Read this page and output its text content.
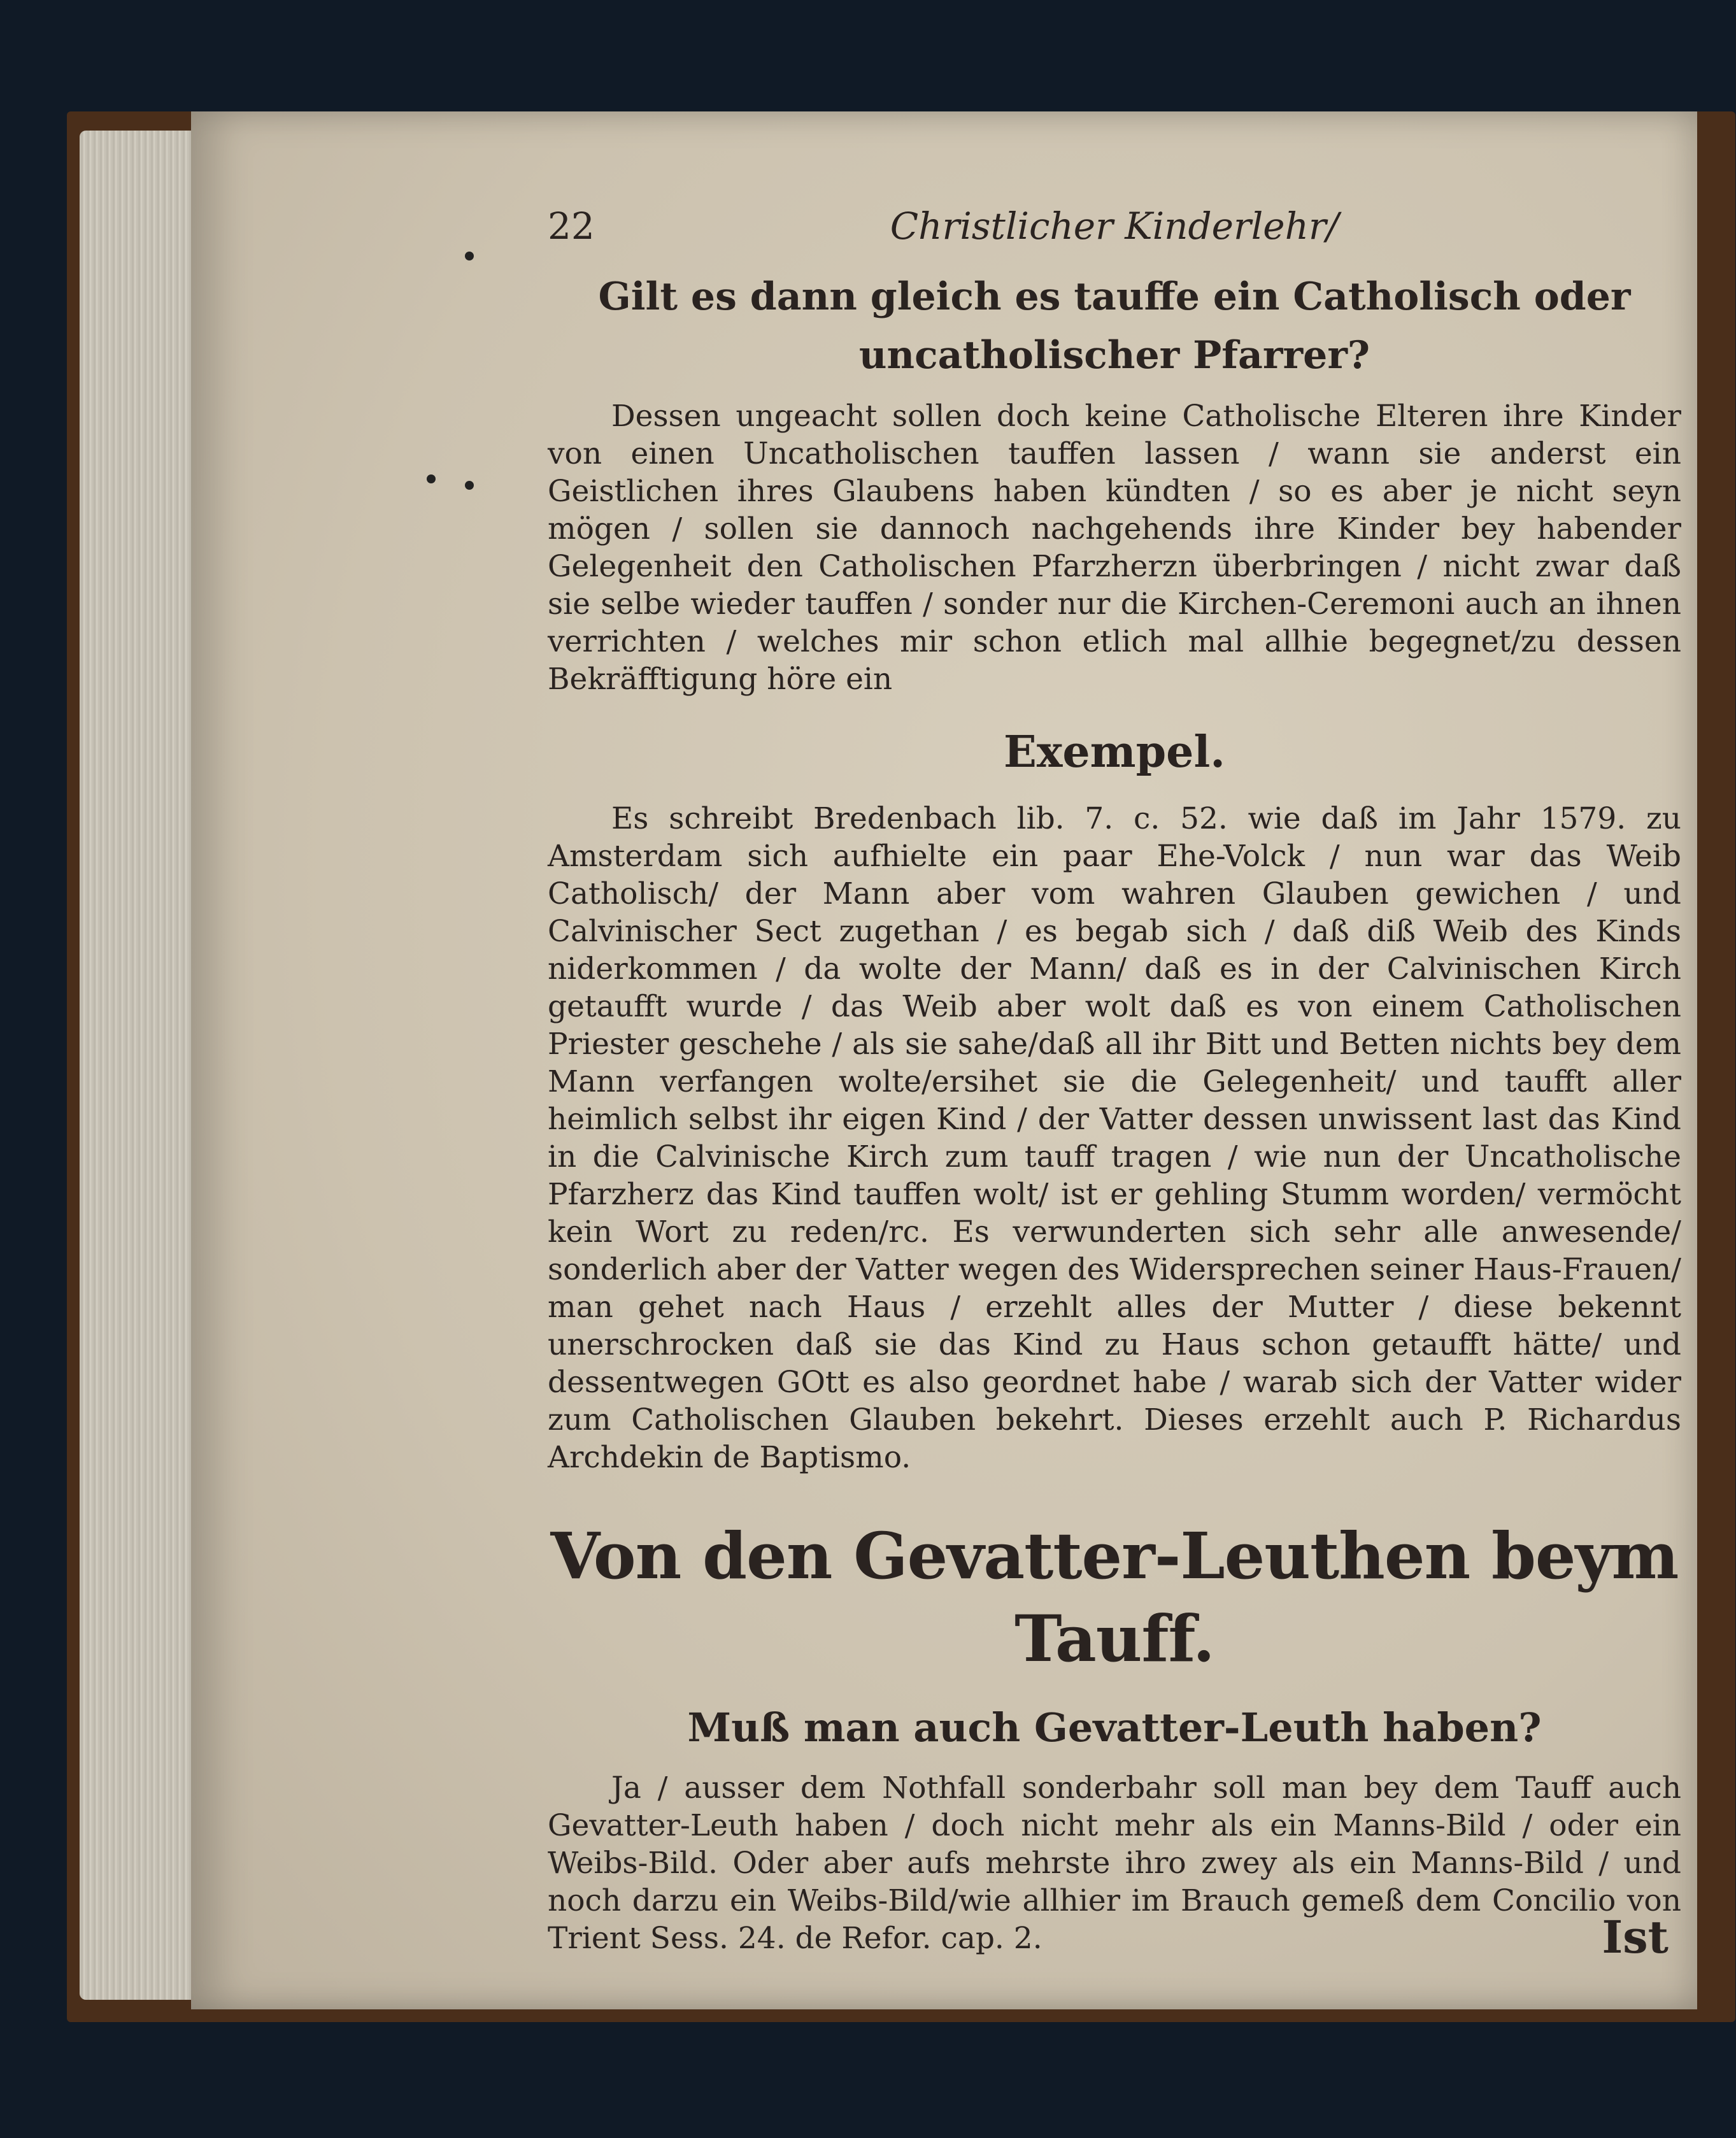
22	Christlicher Kinderlehr/
Gilt es dann gleich es tauffe ein Catholisch oder uncatholischer Pfarrer?

Dessen ungeacht sollen doch keine Catholische Elteren ihre Kinder von einen Uncatholischen tauffen lassen / wann sie anderst ein Geistlichen ihres Glaubens haben kündten / so es aber je nicht seyn mögen / sollen sie dannoch nachgehends ihre Kinder bey habender Gelegenheit den Catholischen Pfarzherzn überbringen / nicht zwar daß sie selbe wieder tauffen / sonder nur die Kirchen-Ceremoni auch an ihnen verrichten / welches mir schon etlich mal allhie begegnet/zu dessen Bekräfftigung höre ein

Exempel.

Es schreibt Bredenbach lib. 7. c. 52. wie daß im Jahr 1579. zu Amsterdam sich aufhielte ein paar Ehe-Volck / nun war das Weib Catholisch/ der Mann aber vom wahren Glauben gewichen / und Calvinischer Sect zugethan / es begab sich / daß diß Weib des Kinds niderkommen / da wolte der Mann/ daß es in der Calvinischen Kirch getaufft wurde / das Weib aber wolt daß es von einem Catholischen Priester geschehe / als sie sahe/daß all ihr Bitt und Betten nichts bey dem Mann verfangen wolte/ersihet sie die Gelegenheit/ und taufft aller heimlich selbst ihr eigen Kind / der Vatter dessen unwissent last das Kind in die Calvinische Kirch zum tauff tragen / wie nun der Uncatholische Pfarzherz das Kind tauffen wolt/ ist er gehling Stumm worden/ vermöcht kein Wort zu reden/rc. Es verwunderten sich sehr alle anwesende/ sonderlich aber der Vatter wegen des Widersprechen seiner Haus-Frauen/ man gehet nach Haus / erzehlt alles der Mutter / diese bekennt unerschrocken daß sie das Kind zu Haus schon getaufft hätte/ und dessentwegen GOtt es also geordnet habe / warab sich der Vatter wider zum Catholischen Glauben bekehrt. Dieses erzehlt auch P. Richardus Archdekin de Baptismo.

Von den Gevatter-Leuthen beym Tauff.
Muß man auch Gevatter-Leuth haben?

Ja / ausser dem Nothfall sonderbahr soll man bey dem Tauff auch Gevatter-Leuth haben / doch nicht mehr als ein Manns-Bild / oder ein Weibs-Bild. Oder aber aufs mehrste ihro zwey als ein Manns-Bild / und noch darzu ein Weibs-Bild/wie allhier im Brauch gemeß dem Concilio von Trient Sess. 24. de Refor. cap. 2.	Ist
